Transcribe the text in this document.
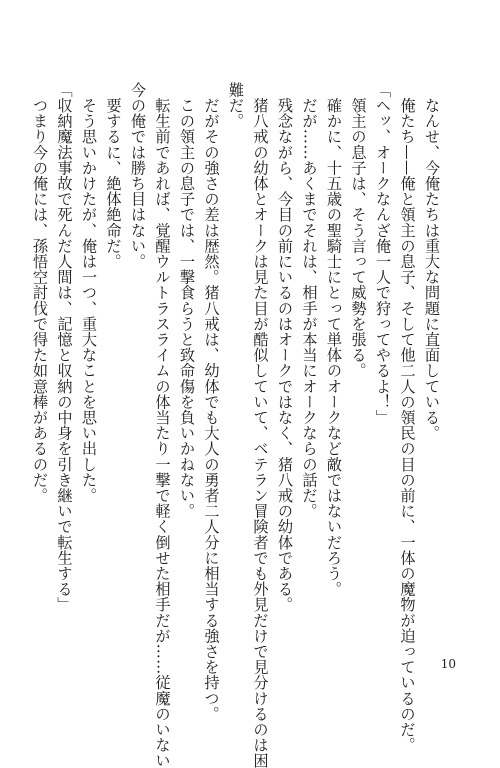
　なんせ、今俺たちは重大な問題に直面している。
　俺たち——俺と領主の息子、そして他二人の領民の目の前に、一体の魔物が迫っているのだ。
「ヘッ、オークなんざ俺一人で狩ってやるよ！」
　領主の息子は、そう言って威勢を張る。
　確かに、十五歳の聖騎士にとって単体のオークなど敵ではないだろう。
　だが……あくまでそれは、相手が本当にオークならの話だ。
　残念ながら、今目の前にいるのはオークではなく、猪八戒の幼体である。
　猪八戒の幼体とオークは見た目が酷似していて、ベテラン冒険者でも外見だけで見分けるのは困
難だ。
　だがその強さの差は歴然。猪八戒は、幼体でも大人の勇者二人分に相当する強さを持つ。
　この領主の息子では、一撃食らうと致命傷を負いかねない。
　転生前であれば、覚醒ウルトラスライムの体当たり一撃で軽く倒せた相手だが……従魔のいない
今の俺では勝ち目はない。
　要するに、絶体絶命だ。
　そう思いかけたが、俺は一つ、重大なことを思い出した。
「収納魔法事故で死んだ人間は、記憶と収納の中身を引き継いで転生する」
　つまり今の俺には、孫悟空討伐で得た如意棒があるのだ。
10
